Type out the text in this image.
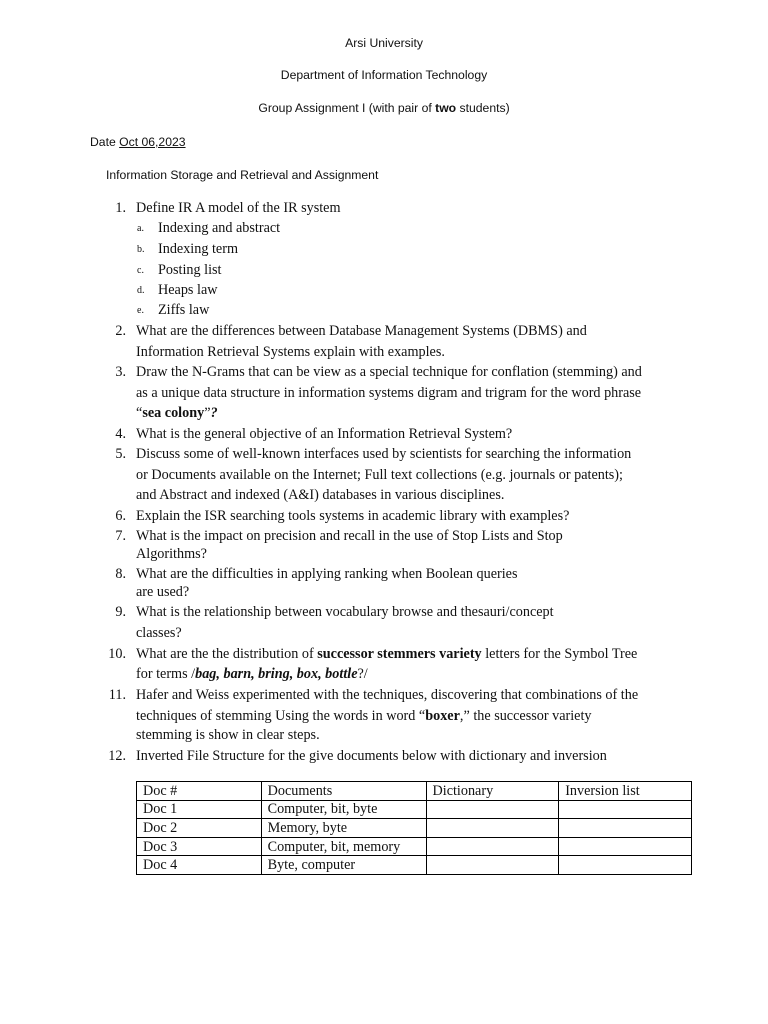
Arsi University
Department of Information Technology
Group Assignment I (with pair of two students)
Date Oct 06,2023
Information Storage and Retrieval and Assignment
1. Define IR A model of the IR system
a. Indexing and abstract
b. Indexing term
c. Posting list
d. Heaps law
e. Ziffs law
2. What are the differences between Database Management Systems (DBMS) and
Information Retrieval Systems explain with examples.
3. Draw the N-Grams that can be view as a special technique for conflation (stemming) and
as a unique data structure in information systems digram and trigram for the word phrase
“sea colony”?
4. What is the general objective of an Information Retrieval System?
5. Discuss some of well-known interfaces used by scientists for searching the information
or Documents available on the Internet; Full text collections (e.g. journals or patents);
and Abstract and indexed (A&I) databases in various disciplines.
6. Explain the ISR searching tools systems in academic library with examples?
7. What is the impact on precision and recall in the use of Stop Lists and Stop
Algorithms?
8. What are the difficulties in applying ranking when Boolean queries
are used?
9. What is the relationship between vocabulary browse and thesauri/concept
classes?
10. What are the the distribution of successor stemmers variety letters for the Symbol Tree
for terms /bag, barn, bring, box, bottle?/
11. Hafer and Weiss experimented with the techniques, discovering that combinations of the
techniques of stemming Using the words in word “boxer,” the successor variety
stemming is show in clear steps.
12. Inverted File Structure for the give documents below with dictionary and inversion
Doc #	Documents	Dictionary	Inversion list
Doc 1	Computer, bit, byte		
Doc 2	Memory, byte		
Doc 3	Computer, bit, memory		
Doc 4	Byte, computer		
